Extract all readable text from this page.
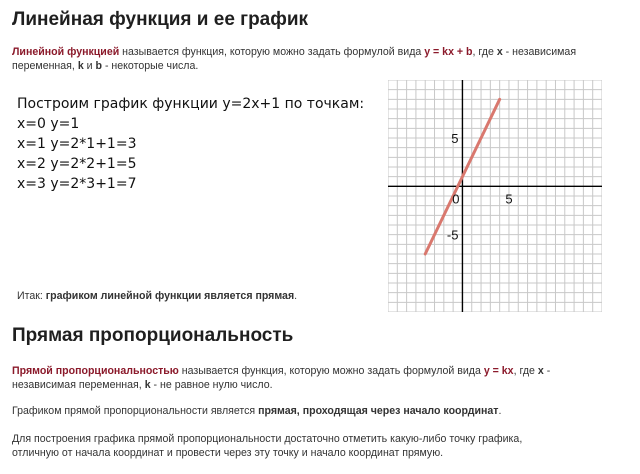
Линейная функция и ее график
Линейной функцией называется функция, которую можно задать формулой вида y = kx + b, где x - независимая переменная, k и b - некоторые числа.
Построим график функции y=2x+1 по точкам:
x=0 y=1
x=1 y=2*1+1=3
x=2 y=2*2+1=5
x=3 y=2*3+1=7
Итак: графиком линейной функции является прямая.
0	5
5
-5
Прямая пропорциональность
Прямой пропорциональностью называется функция, которую можно задать формулой вида y = kx, где x - независимая переменная, k - не равное нулю число.
Графиком прямой пропорциональности является прямая, проходящая через начало координат.
Для построения графика прямой пропорциональности достаточно отметить какую-либо точку графика, отличную от начала координат и провести через эту точку и начало координат прямую.
